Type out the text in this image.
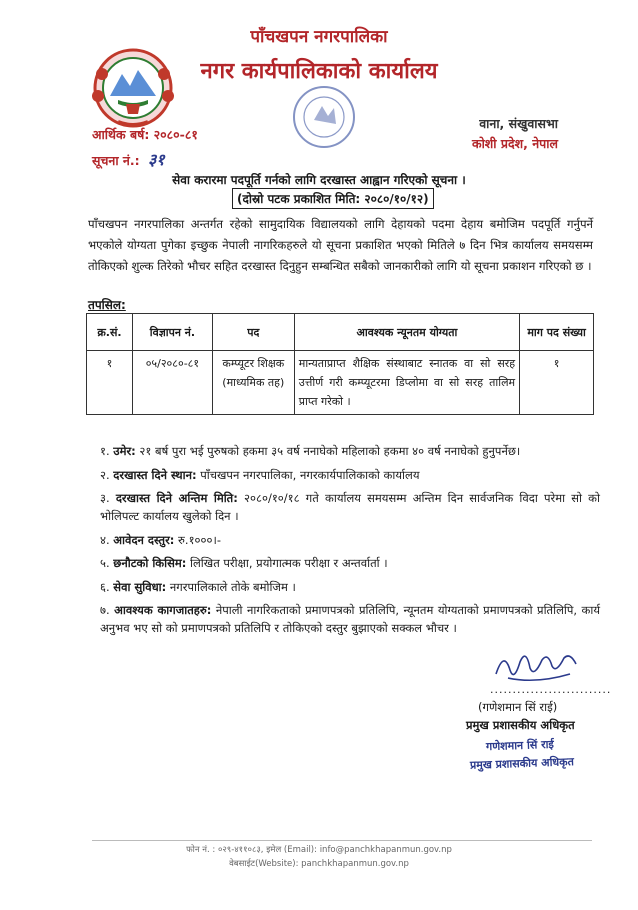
पाँचखपन नगरपालिका
नगर कार्यपालिकाको कार्यालय
वाना, संखुवासभा
कोशी प्रदेश, नेपाल
आर्थिक बर्ष: २०८०-८१
सूचना नं.: ३१
सेवा करारमा पदपूर्ति गर्नको लागि दरखास्त आह्वान गरिएको सूचना ।
(दोस्रो पटक प्रकाशित मिति: २०८०/१०/१२)
पाँचखपन नगरपालिका अन्तर्गत रहेको सामुदायिक विद्यालयको लागि देहायको पदमा देहाय बमोजिम पदपूर्ति गर्नुपर्ने भएकोले योग्यता पुगेका इच्छुक नेपाली नागरिकहरुले यो सूचना प्रकाशित भएको मितिले ७ दिन भित्र कार्यालय समयसम्म तोकिएको शुल्क तिरेको भौचर सहित दरखास्त दिनुहुन सम्बन्धित सबैको जानकारीको लागि यो सूचना प्रकाशन गरिएको छ ।
तपसिल:
क्र.सं.	विज्ञापन नं.	पद	आवश्यक न्यूनतम योग्यता	माग पद संख्या
१	०५/२०८०-८१	कम्प्यूटर शिक्षक (माध्यमिक तह)	मान्यताप्राप्त शैक्षिक संस्थाबाट स्नातक वा सो सरह उत्तीर्ण गरी कम्प्यूटरमा डिप्लोमा वा सो सरह तालिम प्राप्त गरेको ।	१
१. उमेर: २१ बर्ष पुरा भई पुरुषको हकमा ३५ वर्ष ननाघेको महिलाको हकमा ४० वर्ष ननाघेको हुनुपर्नेछ।
२. दरखास्त दिने स्थान: पाँचखपन नगरपालिका, नगरकार्यपालिकाको कार्यालय
३. दरखास्त दिने अन्तिम मिति: २०८०/१०/१८ गते कार्यालय समयसम्म अन्तिम दिन सार्वजनिक विदा परेमा सो को भोलिपल्ट कार्यालय खुलेको दिन ।
४. आवेदन दस्तुर: रु.१०००।-
५. छनौटको किसिम: लिखित परीक्षा, प्रयोगात्मक परीक्षा र अन्तर्वार्ता ।
६. सेवा सुविधा: नगरपालिकाले तोके बमोजिम ।
७. आवश्यक कागजातहरु: नेपाली नागरिकताको प्रमाणपत्रको प्रतिलिपि, न्यूनतम योग्यताको प्रमाणपत्रको प्रतिलिपि, कार्य अनुभव भए सो को प्रमाणपत्रको प्रतिलिपि र तोकिएको दस्तुर बुझाएको सक्कल भौचर ।
...........................
(गणेशमान सिं राई)
प्रमुख प्रशासकीय अधिकृत
गणेशमान सिं राई
प्रमुख प्रशासकीय अधिकृत
फोन नं. : ०२९-४११०८३, इमेल (Email): info@panchkhapanmun.gov.np
वेबसाईट(Website): panchkhapanmun.gov.np
